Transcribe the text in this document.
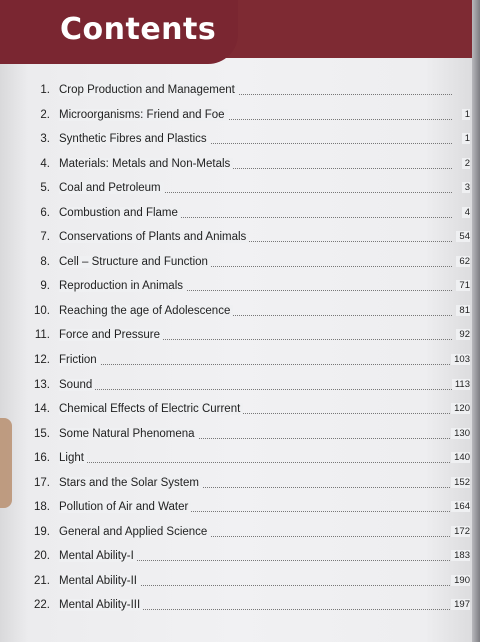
Contents
1. Crop Production and Management
2. Microorganisms: Friend and Foe	1
3. Synthetic Fibres and Plastics	1
4. Materials: Metals and Non-Metals	2
5. Coal and Petroleum	3
6. Combustion and Flame	4
7. Conservations of Plants and Animals	54
8. Cell – Structure and Function	62
9. Reproduction in Animals	71
10. Reaching the age of Adolescence	81
11. Force and Pressure	92
12. Friction	103
13. Sound	113
14. Chemical Effects of Electric Current	120
15. Some Natural Phenomena	130
16. Light	140
17. Stars and the Solar System	152
18. Pollution of Air and Water	164
19. General and Applied Science	172
20. Mental Ability-I	183
21. Mental Ability-II	190
22. Mental Ability-III	197
